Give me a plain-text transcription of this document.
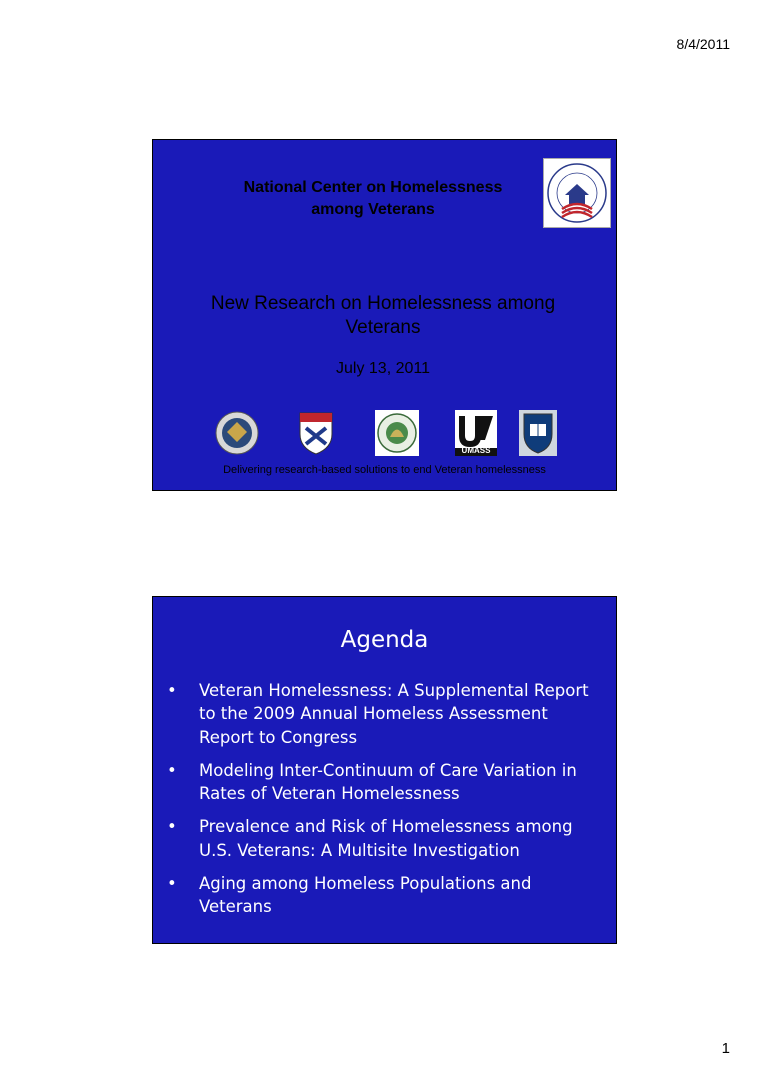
8/4/2011
National Center on Homelessness
among Veterans
New Research on Homelessness among
Veterans
July 13, 2011
UMASS
Delivering research-based solutions to end Veteran homelessness
Agenda
• Veteran Homelessness: A Supplemental Report
to the 2009 Annual Homeless Assessment
Report to Congress
• Modeling Inter-Continuum of Care Variation in
Rates of Veteran Homelessness
• Prevalence and Risk of Homelessness among
U.S. Veterans: A Multisite Investigation
• Aging among Homeless Populations and
Veterans
1
